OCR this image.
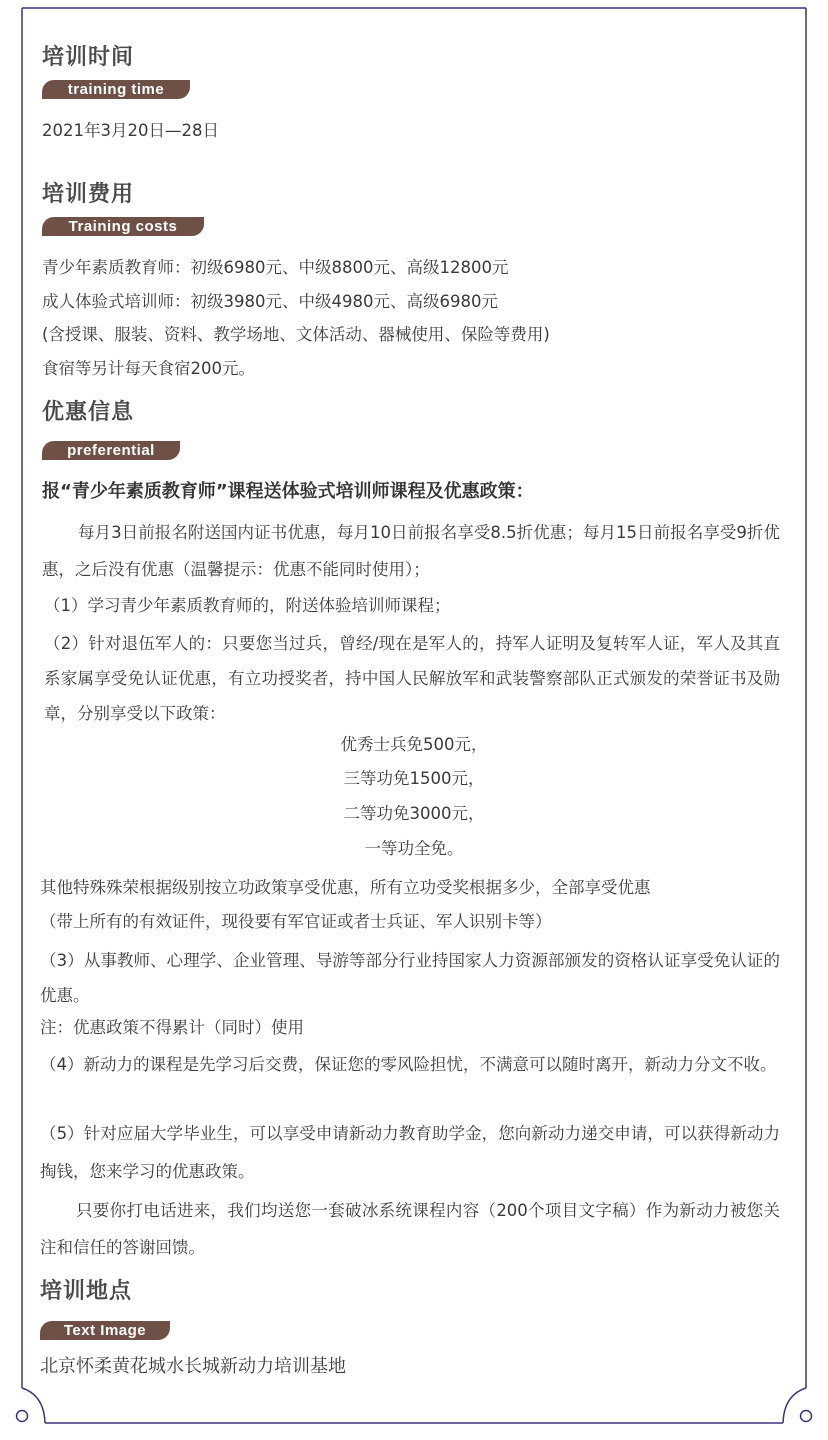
培训时间
training time
2021年3月20日—28日
培训费用
Training costs
青少年素质教育师：初级6980元、中级8800元、高级12800元
成人体验式培训师：初级3980元、中级4980元、高级6980元
(含授课、服装、资料、教学场地、文体活动、器械使用、保险等费用)
食宿等另计每天食宿200元。
优惠信息
preferential
报“青少年素质教育师”课程送体验式培训师课程及优惠政策：
每月3日前报名附送国内证书优惠，每月10日前报名享受8.5折优惠；每月15日前报名享受9折优惠，之后没有优惠（温馨提示：优惠不能同时使用）；
（1）学习青少年素质教育师的，附送体验培训师课程；
（2）针对退伍军人的：只要您当过兵，曾经/现在是军人的，持军人证明及复转军人证，军人及其直系家属享受免认证优惠，有立功授奖者，持中国人民解放军和武装警察部队正式颁发的荣誉证书及勋章，分别享受以下政策：
优秀士兵免500元，
三等功免1500元，
二等功免3000元，
一等功全免。
其他特殊殊荣根据级别按立功政策享受优惠，所有立功受奖根据多少，全部享受优惠
（带上所有的有效证件，现役要有军官证或者士兵证、军人识别卡等）
（3）从事教师、心理学、企业管理、导游等部分行业持国家人力资源部颁发的资格认证享受免认证的优惠。
注：优惠政策不得累计（同时）使用
（4）新动力的课程是先学习后交费，保证您的零风险担忧，不满意可以随时离开，新动力分文不收。
（5）针对应届大学毕业生，可以享受申请新动力教育助学金，您向新动力递交申请，可以获得新动力掏钱，您来学习的优惠政策。
只要你打电话进来，我们均送您一套破冰系统课程内容（200个项目文字稿）作为新动力被您关注和信任的答谢回馈。
培训地点
Text Image
北京怀柔黄花城水长城新动力培训基地
